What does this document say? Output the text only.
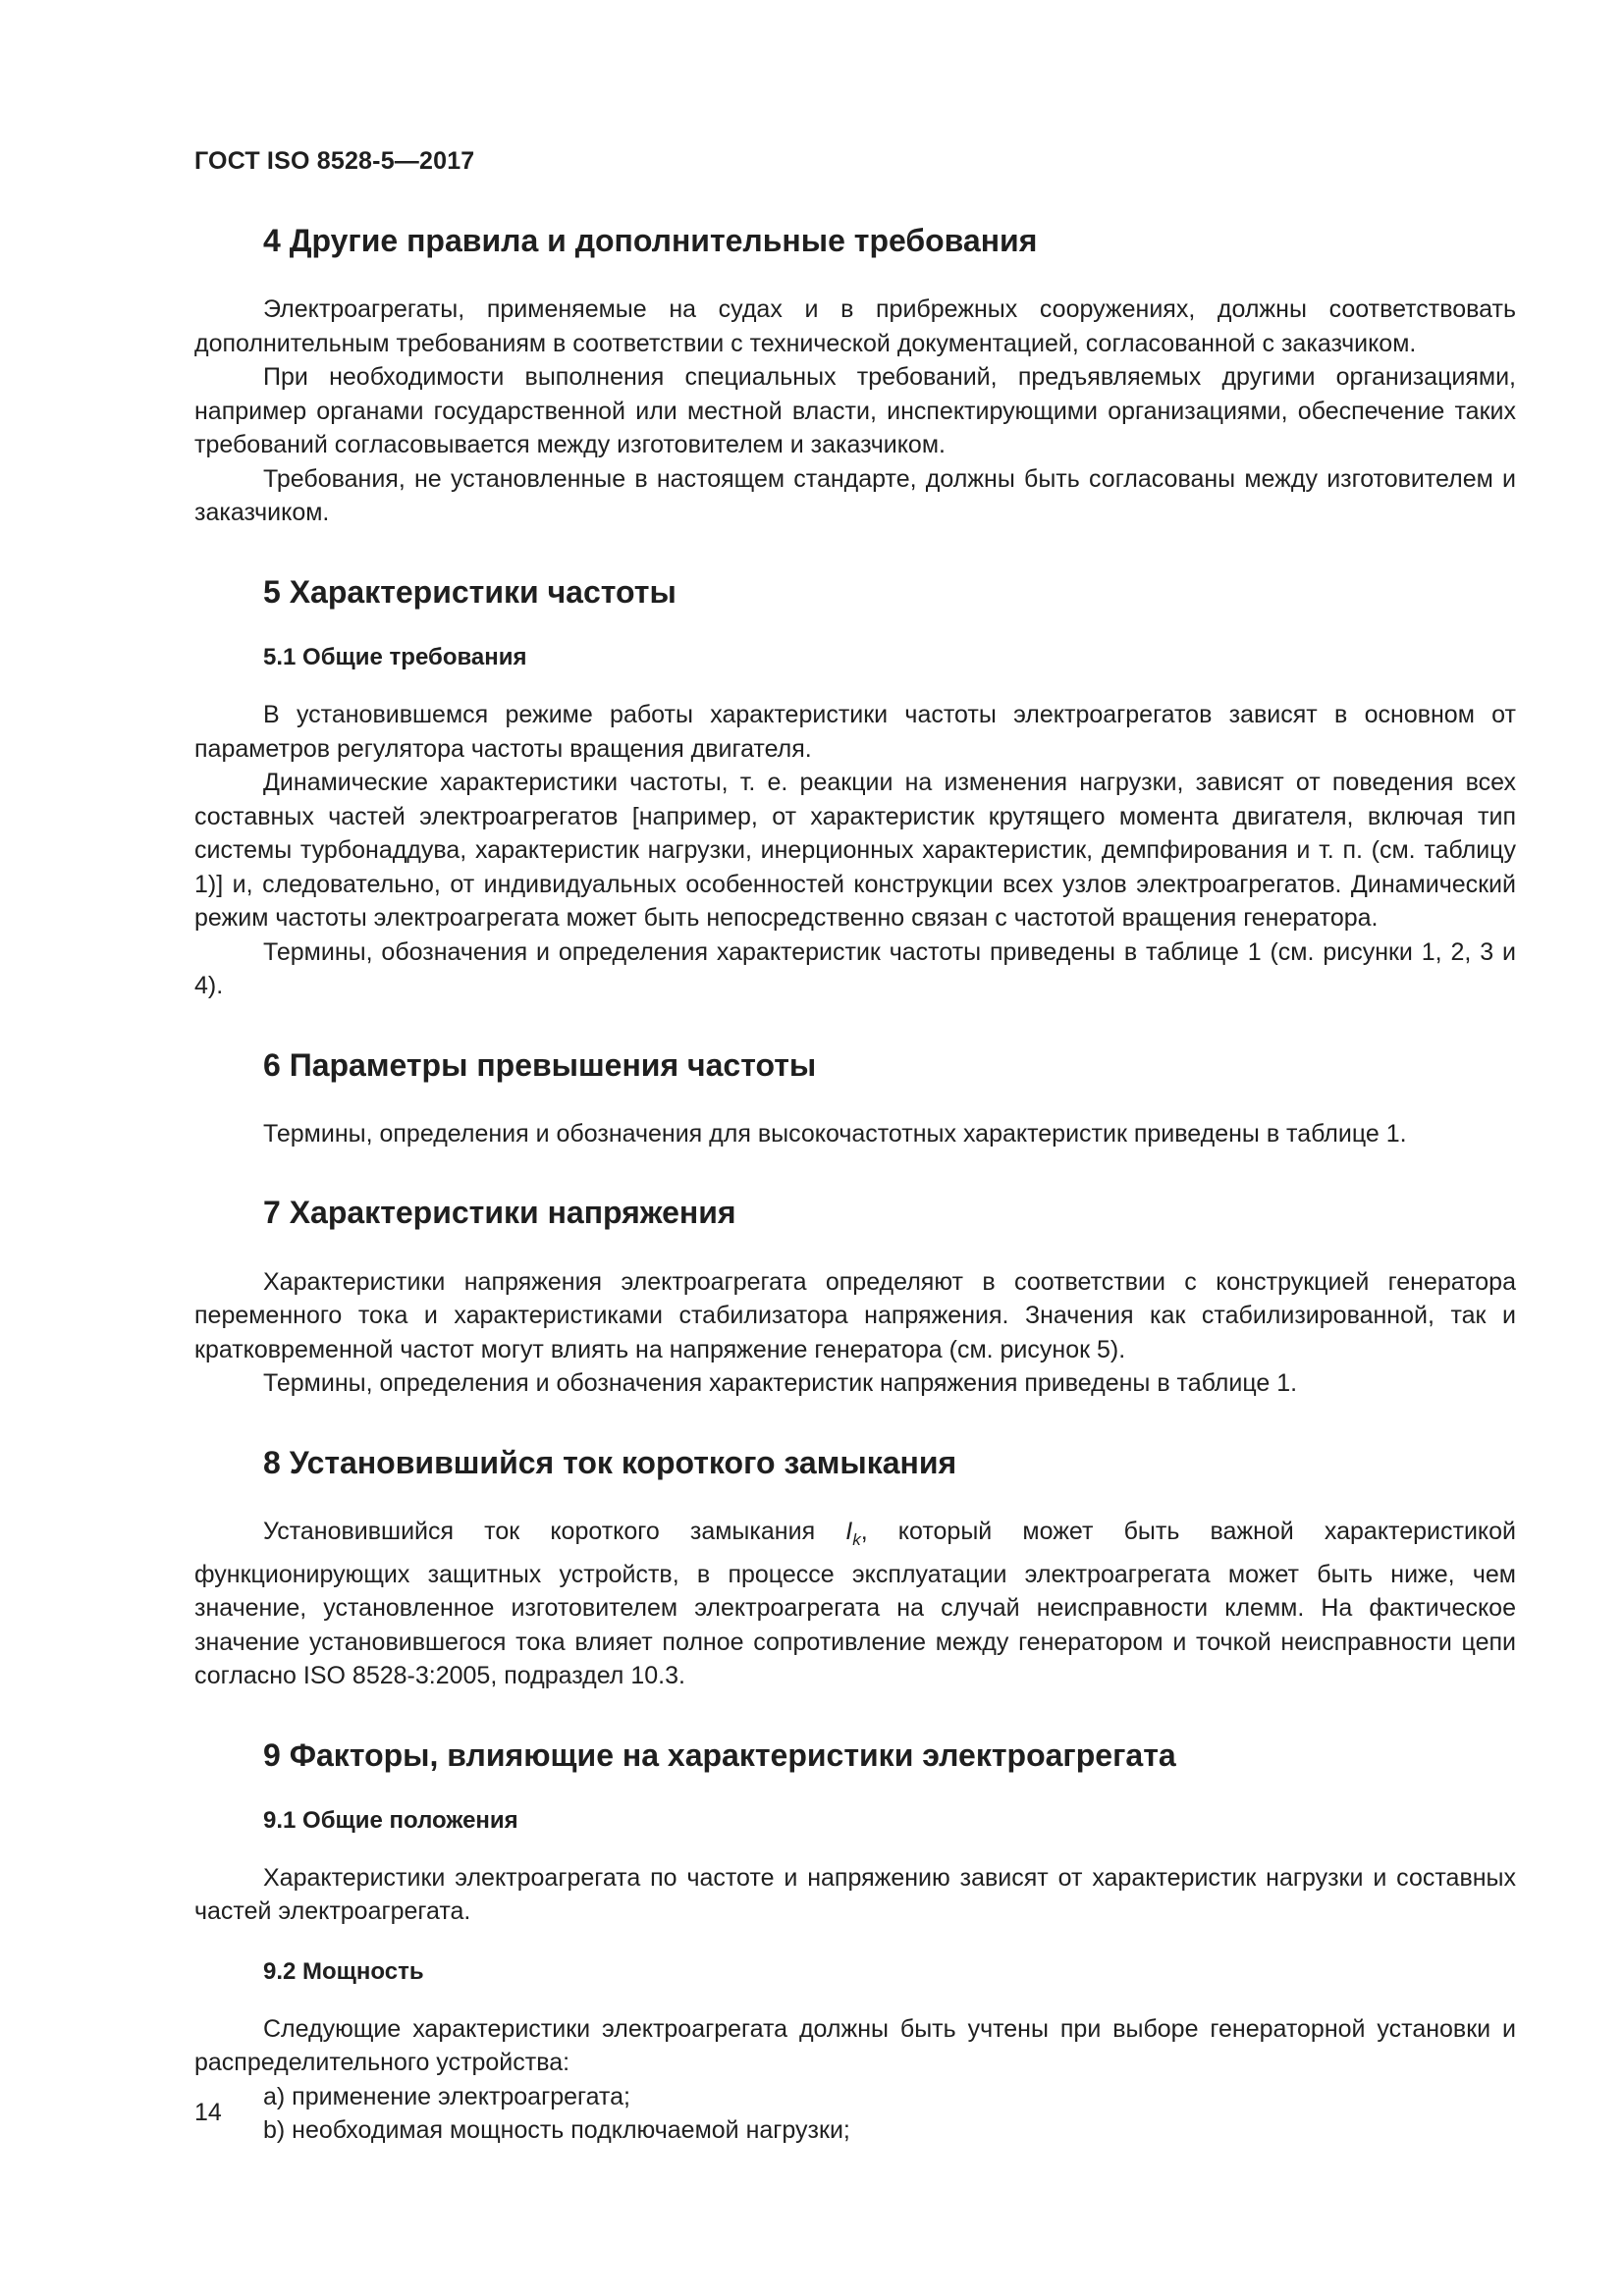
ГОСТ ISO 8528-5—2017
4 Другие правила и дополнительные требования

Электроагрегаты, применяемые на судах и в прибрежных сооружениях, должны соответствовать дополнительным требованиям в соответствии с технической документацией, согласованной с заказчиком.

При необходимости выполнения специальных требований, предъявляемых другими организациями, например органами государственной или местной власти, инспектирующими организациями, обеспечение таких требований согласовывается между изготовителем и заказчиком.

Требования, не установленные в настоящем стандарте, должны быть согласованы между изготовителем и заказчиком.

5 Характеристики частоты
5.1 Общие требования

В установившемся режиме работы характеристики частоты электроагрегатов зависят в основном от параметров регулятора частоты вращения двигателя.

Динамические характеристики частоты, т. е. реакции на изменения нагрузки, зависят от поведения всех составных частей электроагрегатов [например, от характеристик крутящего момента двигателя, включая тип системы турбонаддува, характеристик нагрузки, инерционных характеристик, демпфирования и т. п. (см. таблицу 1)] и, следовательно, от индивидуальных особенностей конструкции всех узлов электроагрегатов. Динамический режим частоты электроагрегата может быть непосредственно связан с частотой вращения генератора.

Термины, обозначения и определения характеристик частоты приведены в таблице 1 (см. рисунки 1, 2, 3 и 4).

6 Параметры превышения частоты

Термины, определения и обозначения для высокочастотных характеристик приведены в таблице 1.

7 Характеристики напряжения

Характеристики напряжения электроагрегата определяют в соответствии с конструкцией генератора переменного тока и характеристиками стабилизатора напряжения. Значения как стабилизированной, так и кратковременной частот могут влиять на напряжение генератора (см. рисунок 5).

Термины, определения и обозначения характеристик напряжения приведены в таблице 1.

8 Установившийся ток короткого замыкания

Установившийся ток короткого замыкания $I_k$, который может быть важной характеристикой функционирующих защитных устройств, в процессе эксплуатации электроагрегата может быть ниже, чем значение, установленное изготовителем электроагрегата на случай неисправности клемм. На фактическое значение установившегося тока влияет полное сопротивление между генератором и точкой неисправности цепи согласно ISO 8528-3:2005, подраздел 10.3.

9 Факторы, влияющие на характеристики электроагрегата
9.1 Общие положения

Характеристики электроагрегата по частоте и напряжению зависят от характеристик нагрузки и составных частей электроагрегата.

9.2 Мощность

Следующие характеристики электроагрегата должны быть учтены при выборе генераторной установки и распределительного устройства:

a) применение электроагрегата;
b) необходимая мощность подключаемой нагрузки;
14
